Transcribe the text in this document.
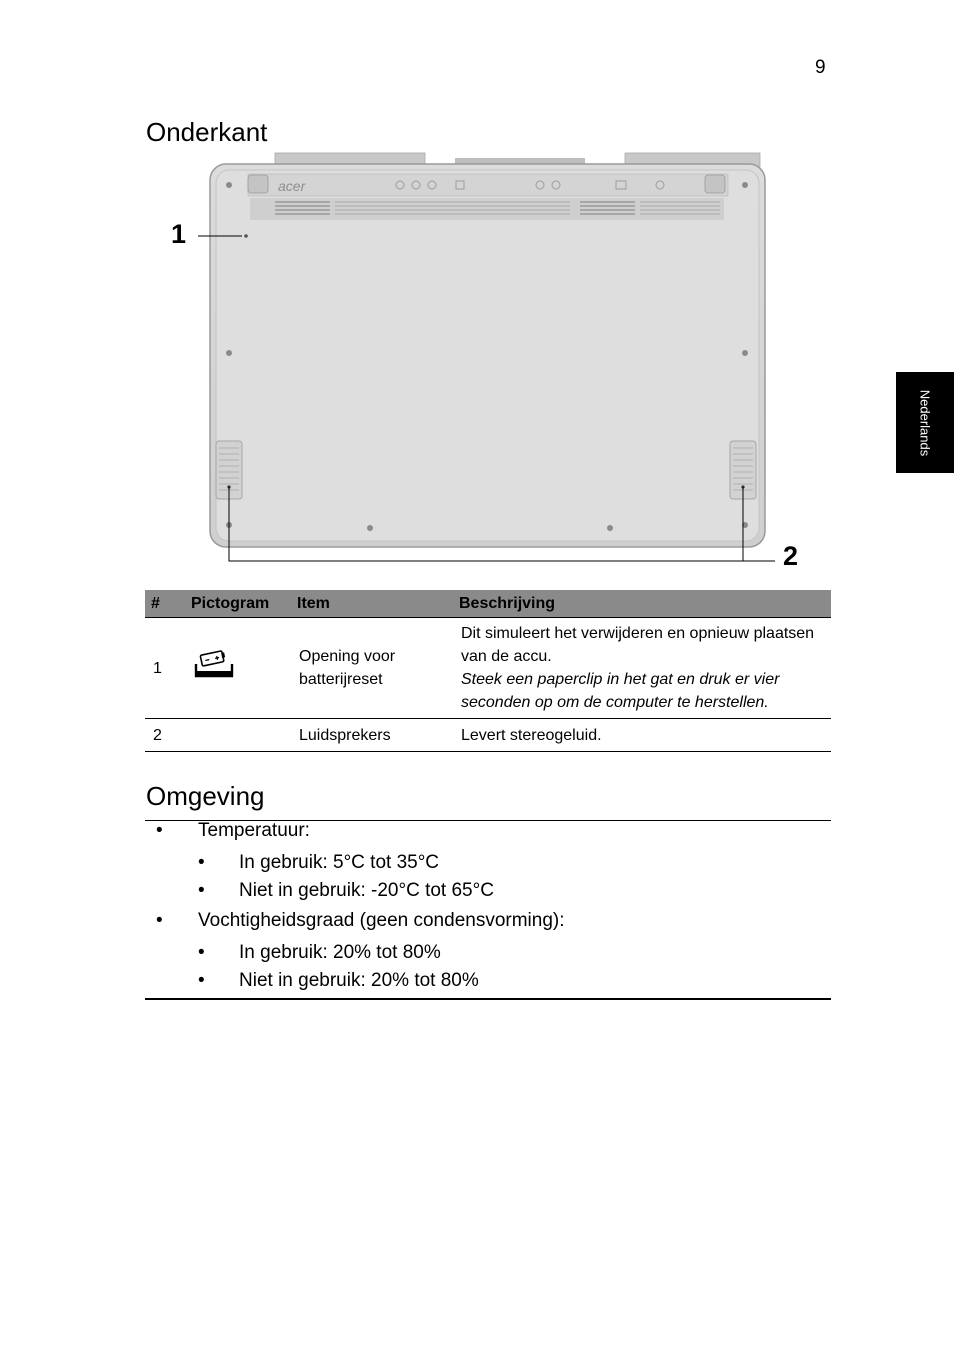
9
Nederlands
Onderkant
acer
1
2
#	Pictogram	Item	Beschrijving
1		Opening voor batterijreset	Dit simuleert het verwijderen en opnieuw plaatsen van de accu.
Steek een paperclip in het gat en druk er vier seconden op om de computer te herstellen.

2		Luidsprekers	Levert stereogeluid.
Omgeving
• Temperatuur:
• In gebruik: 5°C tot 35°C
• Niet in gebruik: -20°C tot 65°C
• Vochtigheidsgraad (geen condensvorming):
• In gebruik: 20% tot 80%
• Niet in gebruik: 20% tot 80%
